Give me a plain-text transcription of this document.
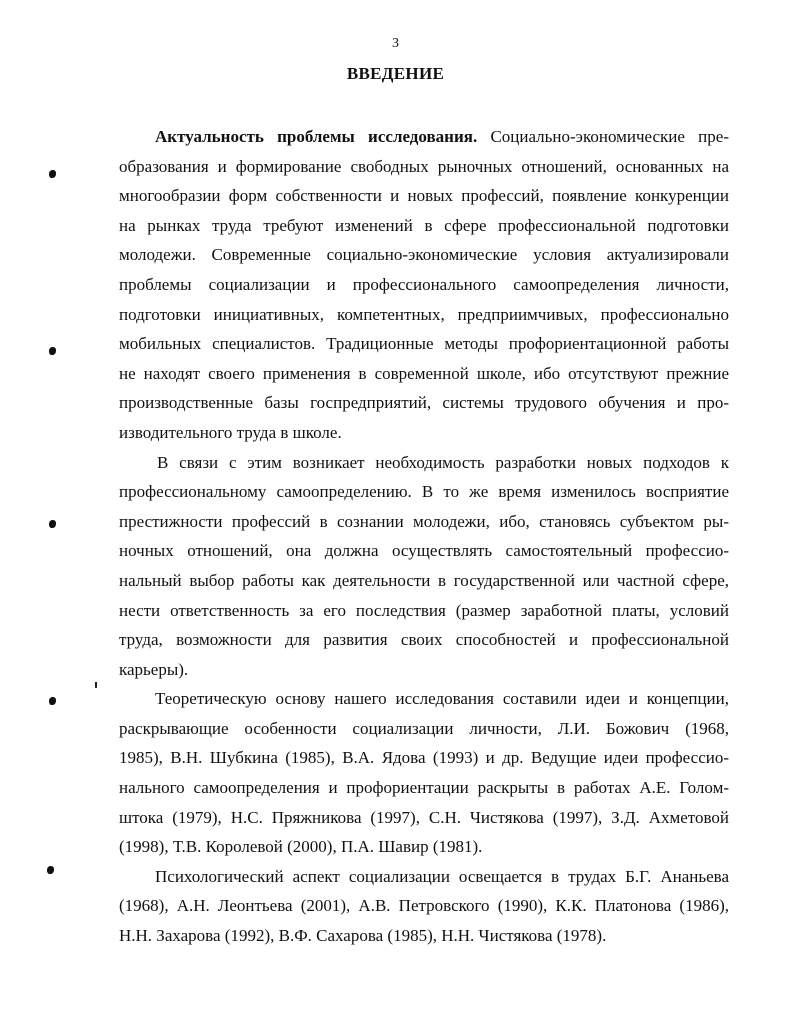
3
ВВЕДЕНИЕ
Актуальность проблемы исследования. Социально-экономические пре-
образования и формирование свободных рыночных отношений, основанных на
многообразии форм собственности и новых профессий, появление конкуренции
на рынках труда требуют изменений в сфере профессиональной подготовки
молодежи. Современные социально-экономические условия актуализировали
проблемы социализации и профессионального самоопределения личности,
подготовки инициативных, компетентных, предприимчивых, профессионально
мобильных специалистов. Традиционные методы профориентационной работы
не находят своего применения в современной школе, ибо отсутствуют прежние
производственные базы госпредприятий, системы трудового обучения и про-
изводительного труда в школе.
В связи с этим возникает необходимость разработки новых подходов к
профессиональному самоопределению. В то же время изменилось восприятие
престижности профессий в сознании молодежи, ибо, становясь субъектом ры-
ночных отношений, она должна осуществлять самостоятельный профессио-
нальный выбор работы как деятельности в государственной или частной сфере,
нести ответственность за его последствия (размер заработной платы, условий
труда, возможности для развития своих способностей и профессиональной
карьеры).
Теоретическую основу нашего исследования составили идеи и концепции,
раскрывающие особенности социализации личности, Л.И. Божович (1968,
1985), В.Н. Шубкина (1985), В.А. Ядова (1993) и др. Ведущие идеи профессио-
нального самоопределения и профориентации раскрыты в работах А.Е. Голом-
штока (1979), Н.С. Пряжникова (1997), С.Н. Чистякова (1997), З.Д. Ахметовой
(1998), Т.В. Королевой (2000), П.А. Шавир (1981).
Психологический аспект социализации освещается в трудах Б.Г. Ананьева
(1968), А.Н. Леонтьева (2001), А.В. Петровского (1990), К.К. Платонова (1986),
Н.Н. Захарова (1992), В.Ф. Сахарова (1985), Н.Н. Чистякова (1978).
